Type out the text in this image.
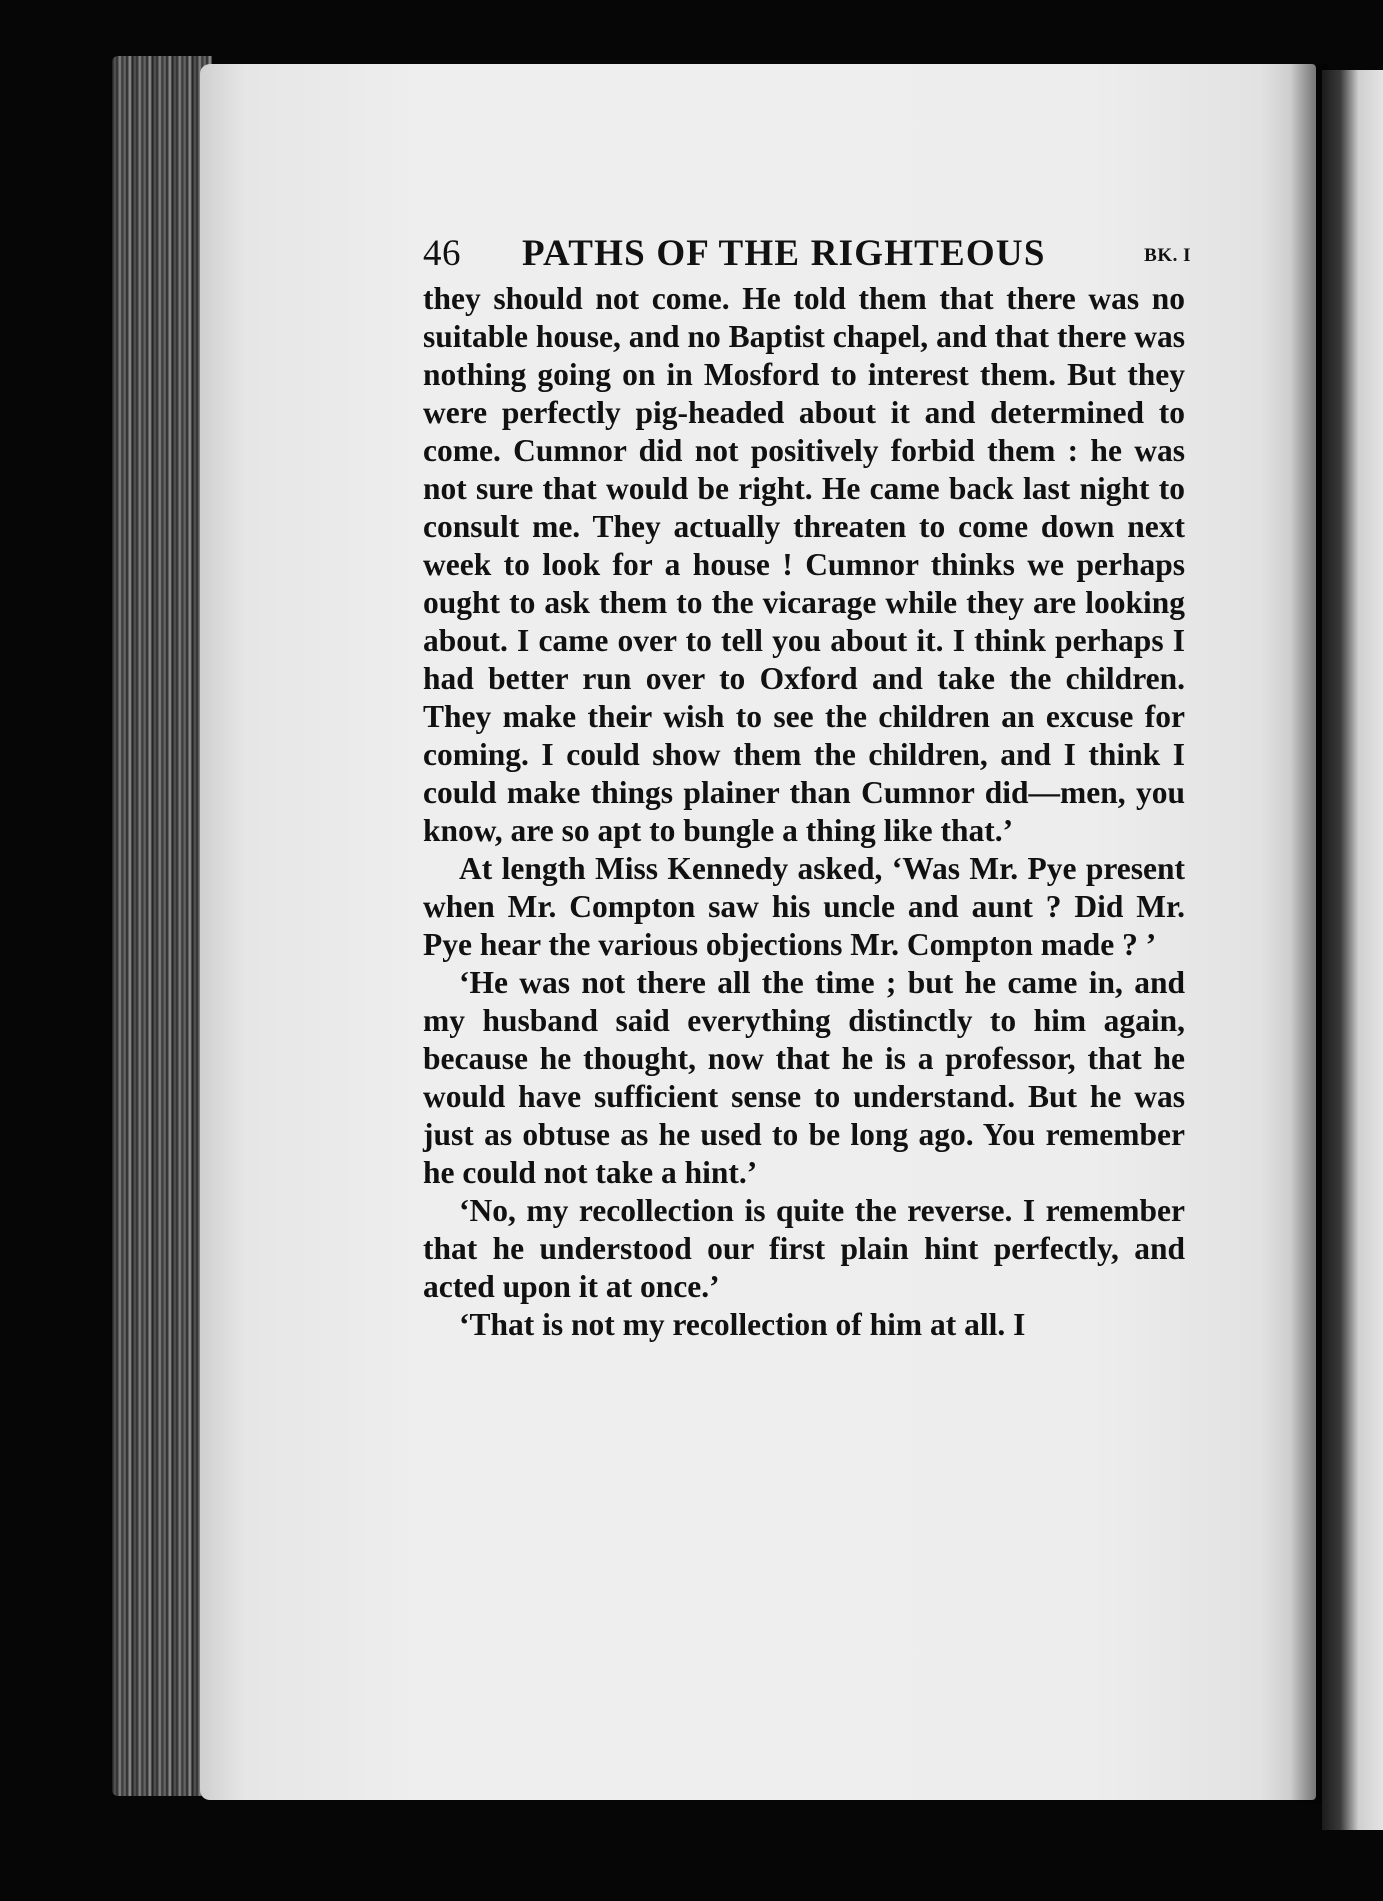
46 PATHS OF THE RIGHTEOUS	BK. I

they should not come. He told them that there was no suitable house, and no Baptist chapel, and that there was nothing going on in Mosford to interest them. But they were perfectly pig-headed about it and determined to come. Cumnor did not positively forbid them : he was not sure that would be right. He came back last night to consult me. They actually threaten to come down next week to look for a house ! Cumnor thinks we perhaps ought to ask them to the vicarage while they are looking about. I came over to tell you about it. I think perhaps I had better run over to Oxford and take the children. They make their wish to see the children an excuse for coming. I could show them the children, and I think I could make things plainer than Cumnor did—men, you know, are so apt to bungle a thing like that.’

At length Miss Kennedy asked, ‘Was Mr. Pye present when Mr. Compton saw his uncle and aunt ? Did Mr. Pye hear the various objections Mr. Compton made ? ’

‘He was not there all the time ; but he came in, and my husband said everything distinctly to him again, because he thought, now that he is a professor, that he would have sufficient sense to understand. But he was just as obtuse as he used to be long ago. You remember he could not take a hint.’

‘No, my recollection is quite the reverse. I remember that he understood our first plain hint perfectly, and acted upon it at once.’

‘That is not my recollection of him at all. I
